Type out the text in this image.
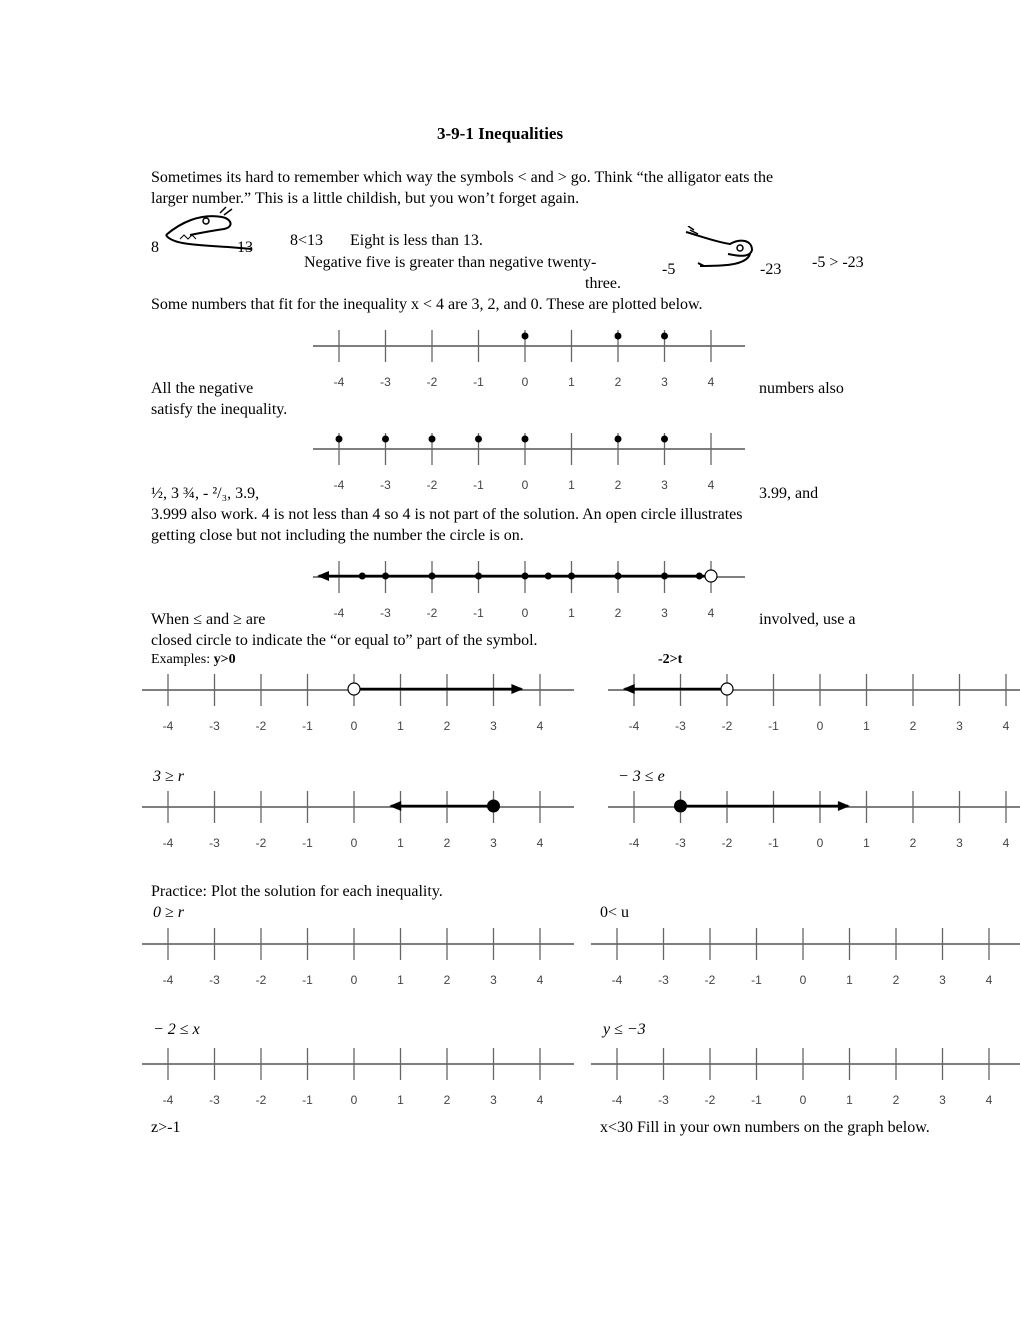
3-9-1 Inequalities
Sometimes its hard to remember which way the symbols < and > go. Think “the alligator eats the
larger number.” This is a little childish, but you won’t forget again.
8	13 8<13 Eight is less than 13.
Negative five is greater than negative twenty-
three.
-5	-23 -5 > -23
Some numbers that fit for the inequality x < 4 are 3, 2, and 0. These are plotted below.
-4	-3	-2	-1	0	1	2	3	4
All the negative	numbers also
satisfy the inequality.
-4	-3	-2	-1	0	1	2	3	4
½, 3 ¾, - ²/₃, 3.9,	3.99, and
3.999 also work. 4 is not less than 4 so 4 is not part of the solution. An open circle illustrates
getting close but not including the number the circle is on.
-4	-3	-2	-1	0	1	2	3	4
When ≤ and ≥ are	involved, use a
closed circle to indicate the “or equal to” part of the symbol.
Examples: y>0	-2>t
-4	-3	-2	-1	0	1	2	3	4	-4	-3	-2	-1	0	1	2	3	4
3 ≥ r	− 3 ≤ e
-4	-3	-2	-1	0	1	2	3	4	-4	-3	-2	-1	0	1	2	3	4
Practice: Plot the solution for each inequality.
0 ≥ r	0< u
-4	-3	-2	-1	0	1	2	3	4	-4	-3	-2	-1	0	1	2	3	4
− 2 ≤ x	y ≤ −3
-4	-3	-2	-1	0	1	2	3	4	-4	-3	-2	-1	0	1	2	3	4
z>-1	x<30 Fill in your own numbers on the graph below.
